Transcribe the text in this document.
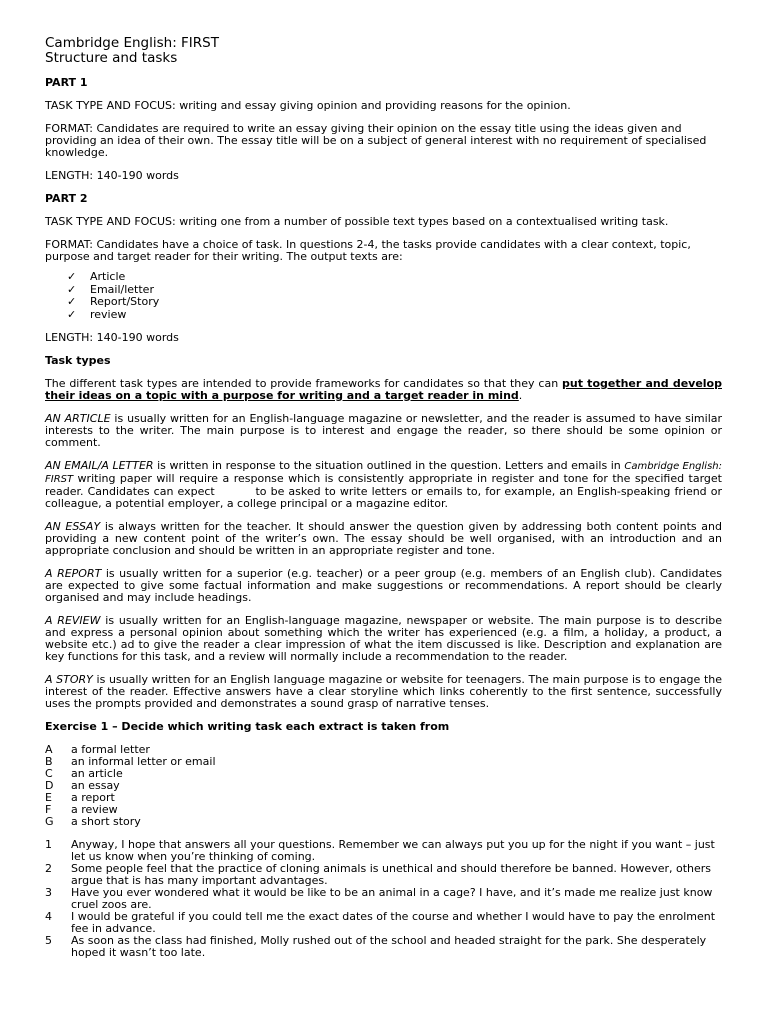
Cambridge English: FIRST
Structure and tasks
PART 1

TASK TYPE AND FOCUS: writing and essay giving opinion and providing reasons for the opinion.

FORMAT: Candidates are required to write an essay giving their opinion on the essay title using the ideas given and providing an idea of their own. The essay title will be on a subject of general interest with no requirement of specialised knowledge.

LENGTH: 140-190 words

PART 2

TASK TYPE AND FOCUS: writing one from a number of possible text types based on a contextualised writing task.

FORMAT: Candidates have a choice of task. In questions 2-4, the tasks provide candidates with a clear context, topic, purpose and target reader for their writing. The output texts are:

✓ Article
✓ Email/letter
✓ Report/Story
✓ review

LENGTH: 140-190 words

Task types

The different task types are intended to provide frameworks for candidates so that they can put together and develop their ideas on a topic with a purpose for writing and a target reader in mind.

AN ARTICLE is usually written for an English-language magazine or newsletter, and the reader is assumed to have similar interests to the writer. The main purpose is to interest and engage the reader, so there should be some opinion or comment.

AN EMAIL/A LETTER is written in response to the situation outlined in the question. Letters and emails in Cambridge English: FIRST writing paper will require a response which is consistently appropriate in register and tone for the specified target reader. Candidates can expect          to be asked to write letters or emails to, for example, an English-speaking friend or colleague, a potential employer, a college principal or a magazine editor.

AN ESSAY is always written for the teacher. It should answer the question given by addressing both content points and providing a new content point of the writer’s own. The essay should be well organised, with an introduction and an appropriate conclusion and should be written in an appropriate register and tone.

A REPORT is usually written for a superior (e.g. teacher) or a peer group (e.g. members of an English club). Candidates are expected to give some factual information and make suggestions or recommendations. A report should be clearly organised and may include headings.

A REVIEW is usually written for an English-language magazine, newspaper or website. The main purpose is to describe and express a personal opinion about something which the writer has experienced (e.g. a film, a holiday, a product, a website etc.) ad to give the reader a clear impression of what the item discussed is like. Description and explanation are key functions for this task, and a review will normally include a recommendation to the reader.

A STORY is usually written for an English language magazine or website for teenagers. The main purpose is to engage the interest of the reader. Effective answers have a clear storyline which links coherently to the first sentence, successfully uses the prompts provided and demonstrates a sound grasp of narrative tenses.

Exercise 1 – Decide which writing task each extract is taken from
A	a formal letter
B	an informal letter or email
C	an article
D	an essay
E	a report
F	a review
G	a short story
1	Anyway, I hope that answers all your questions. Remember we can always put you up for the night if you want – just let us know when you’re thinking of coming.
2	Some people feel that the practice of cloning animals is unethical and should therefore be banned. However, others argue that is has many important advantages.
3	Have you ever wondered what it would be like to be an animal in a cage? I have, and it’s made me realize just know cruel zoos are.
4	I would be grateful if you could tell me the exact dates of the course and whether I would have to pay the enrolment fee in advance.
5	As soon as the class had finished, Molly rushed out of the school and headed straight for the park. She desperately hoped it wasn’t too late.
